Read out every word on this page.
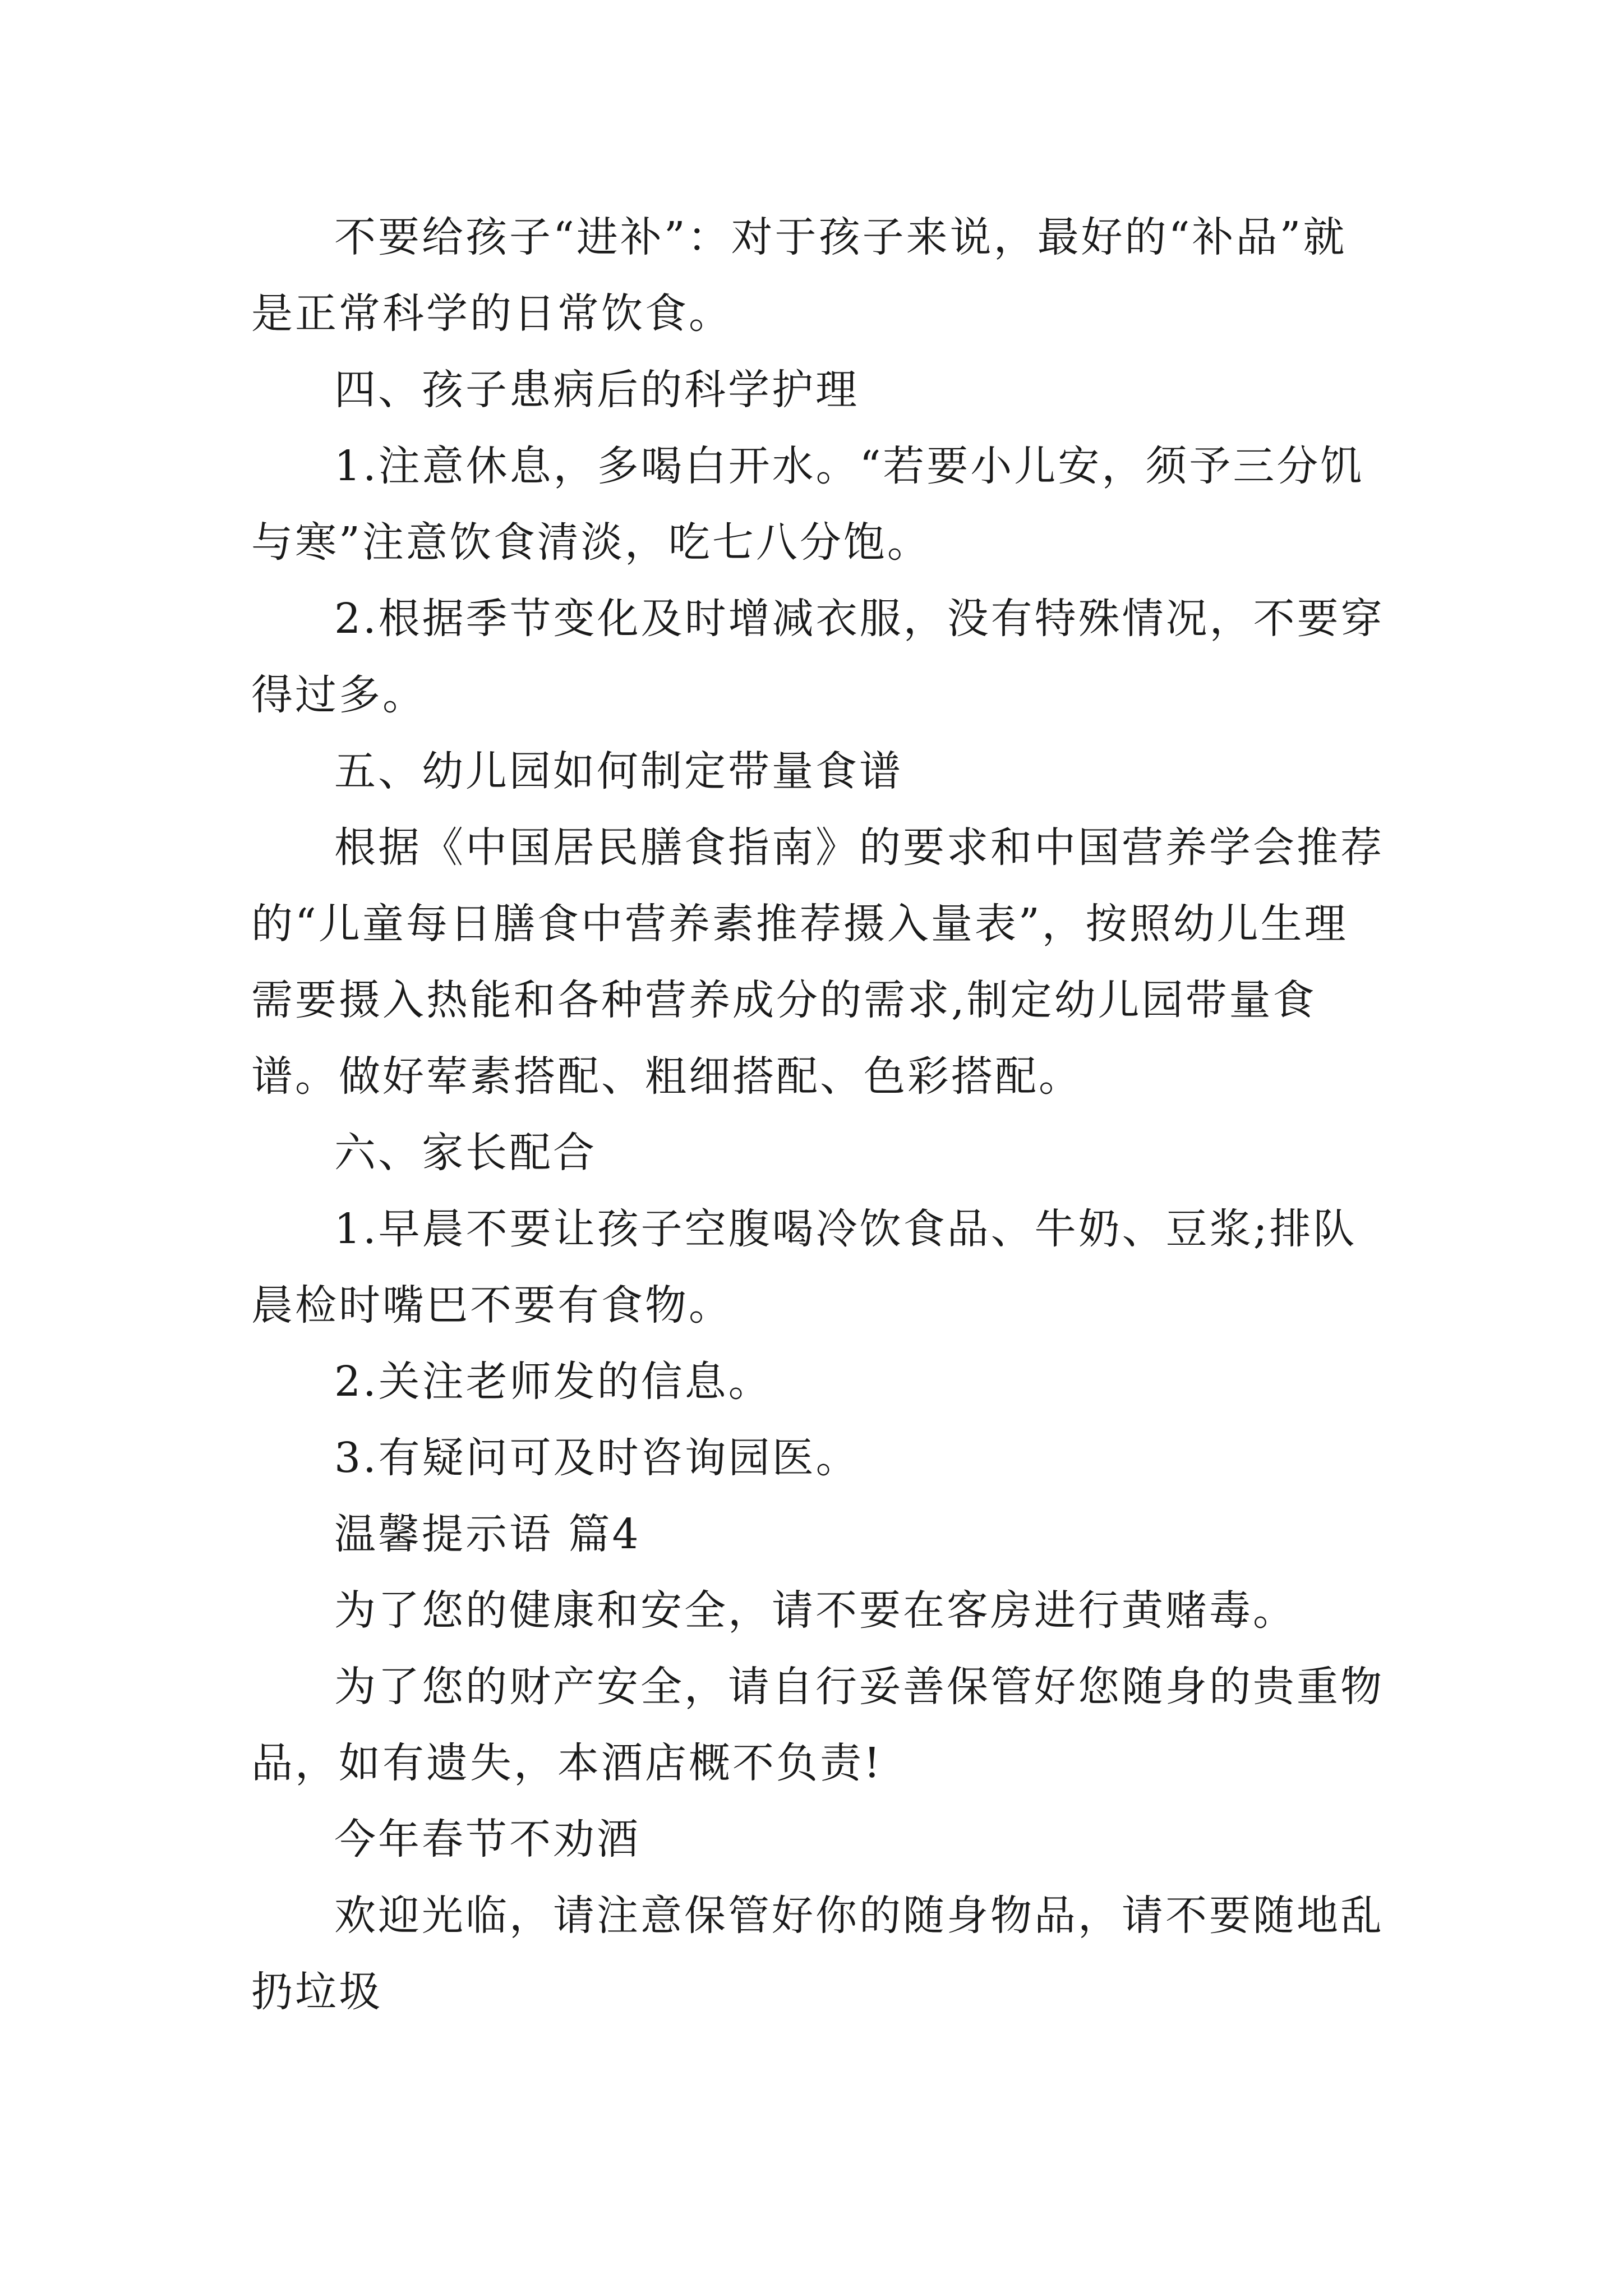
不要给孩子“进补”：对于孩子来说，最好的“补品”就是正常科学的日常饮食。

四、孩子患病后的科学护理

1.注意休息，多喝白开水。“若要小儿安，须予三分饥与寒”注意饮食清淡，吃七八分饱。

2.根据季节变化及时增减衣服，没有特殊情况，不要穿得过多。

五、幼儿园如何制定带量食谱

根据《中国居民膳食指南》的要求和中国营养学会推荐的“儿童每日膳食中营养素推荐摄入量表”，按照幼儿生理需要摄入热能和各种营养成分的需求,制定幼儿园带量食谱。做好荤素搭配、粗细搭配、色彩搭配。

六、家长配合

1.早晨不要让孩子空腹喝冷饮食品、牛奶、豆浆;排队晨检时嘴巴不要有食物。

2.关注老师发的信息。

3.有疑问可及时咨询园医。

温馨提示语 篇4

为了您的健康和安全，请不要在客房进行黄赌毒。

为了您的财产安全，请自行妥善保管好您随身的贵重物品，如有遗失，本酒店概不负责!

今年春节不劝酒

欢迎光临，请注意保管好你的随身物品，请不要随地乱扔垃圾
